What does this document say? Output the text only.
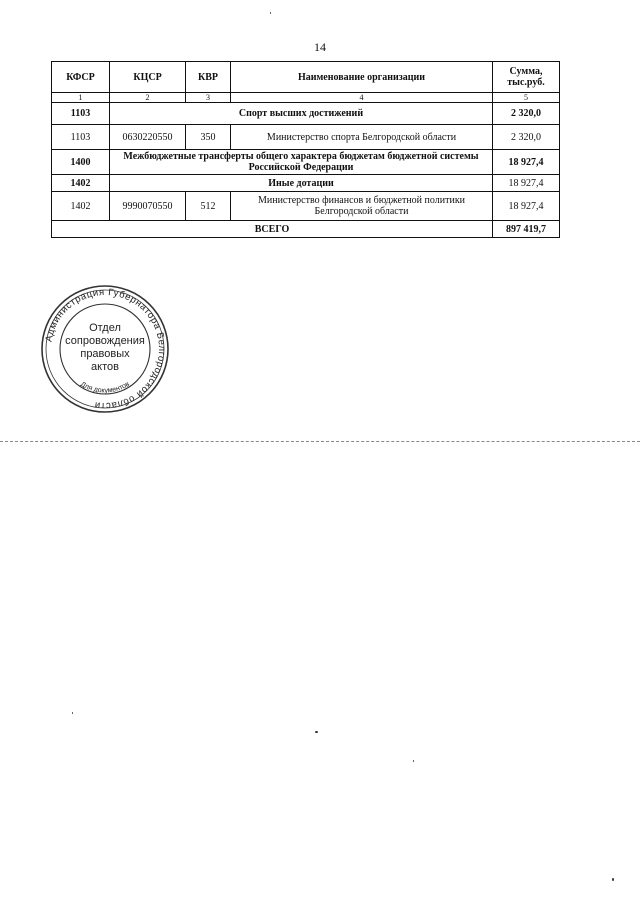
14
КФСР	КЦСР	КВР	Наименование организации	Сумма, тыс.руб.
1	2	3	4	5
1103	Спорт высших достижений			2 320,0
1103	0630220550	350	Министерство спорта Белгородской области	2 320,0
1400	Межбюджетные трансферты общего характера бюджетам бюджетной системы Российской Федерации			18 927,4
1402	Иные дотации			18 927,4
1402	9990070550	512	Министерство финансов и бюджетной политики Белгородской области	18 927,4
ВСЕГО				897 419,7
Администрация Губернатора Белгородской области
Для документов
Отдел
сопровождения
правовых
актов
